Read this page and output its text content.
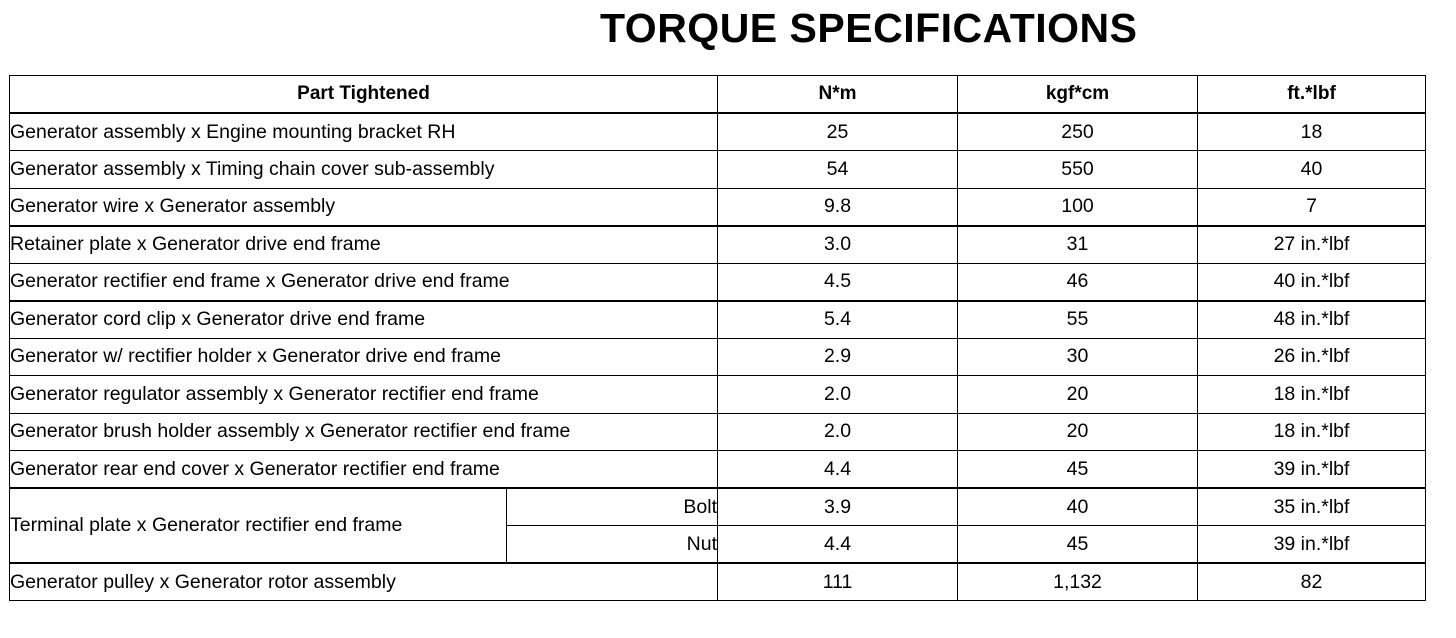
TORQUE SPECIFICATIONS
Part Tightened		N*m	kgf*cm	ft.*lbf
Generator assembly x Engine mounting bracket RH		25	250	18
Generator assembly x Timing chain cover sub-assembly		54	550	40
Generator wire x Generator assembly		9.8	100	7
Retainer plate x Generator drive end frame		3.0	31	27 in.*lbf
Generator rectifier end frame x Generator drive end frame		4.5	46	40 in.*lbf
Generator cord clip x Generator drive end frame		5.4	55	48 in.*lbf
Generator w/ rectifier holder x Generator drive end frame		2.9	30	26 in.*lbf
Generator regulator assembly x Generator rectifier end frame		2.0	20	18 in.*lbf
Generator brush holder assembly x Generator rectifier end frame		2.0	20	18 in.*lbf
Generator rear end cover x Generator rectifier end frame		4.4	45	39 in.*lbf
Terminal plate x Generator rectifier end frame	Bolt	3.9	40	35 in.*lbf
	Nut	4.4	45	39 in.*lbf
Generator pulley x Generator rotor assembly		111	1,132	82
